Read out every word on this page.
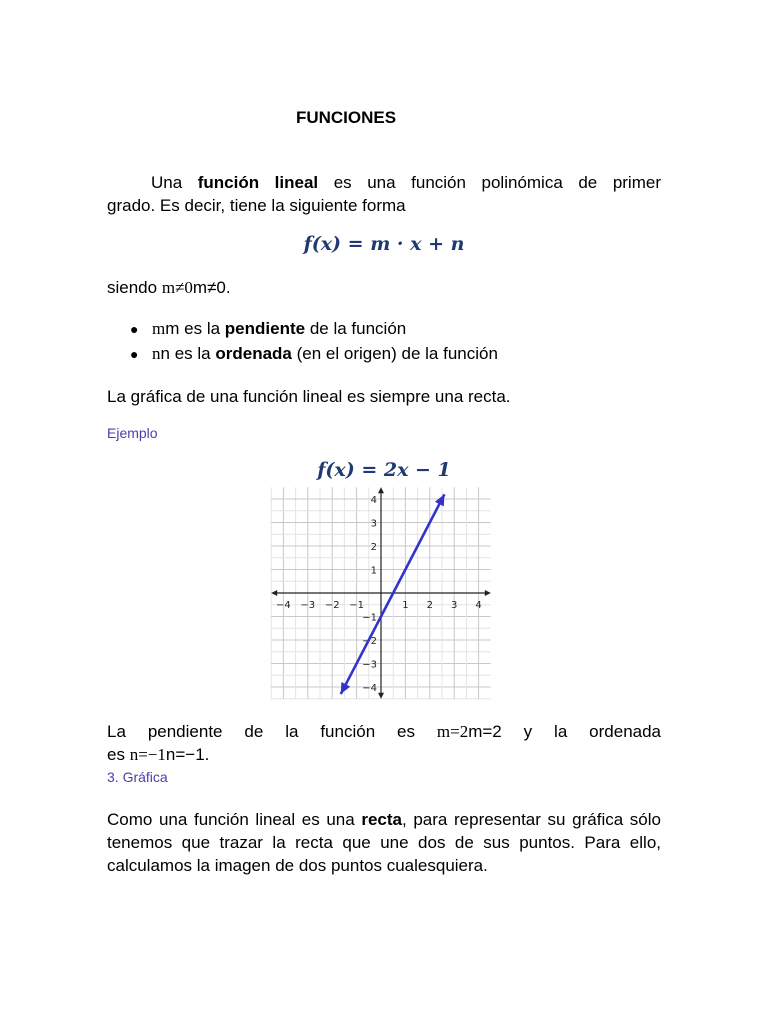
FUNCIONES
Una función lineal es una función polinómica de primer
grado. Es decir, tiene la siguiente forma
f(x) = m · x + n
siendo m≠0m≠0.
● mm es la pendiente de la función
● nn es la ordenada (en el origen) de la función
La gráfica de una función lineal es siempre una recta.
Ejemplo
f(x) = 2x − 1
−4 −3 −2 −1	1 2 3 4
4
3
2
1
−1
−2
−3
−4
La pendiente de la función es m=2m=2 y la ordenada
es n=−1n=−1.
3. Gráfica
Como una función lineal es una recta, para representar su gráfica sólo tenemos que trazar la recta que une dos de sus puntos. Para ello, calculamos la imagen de dos puntos cualesquiera.
